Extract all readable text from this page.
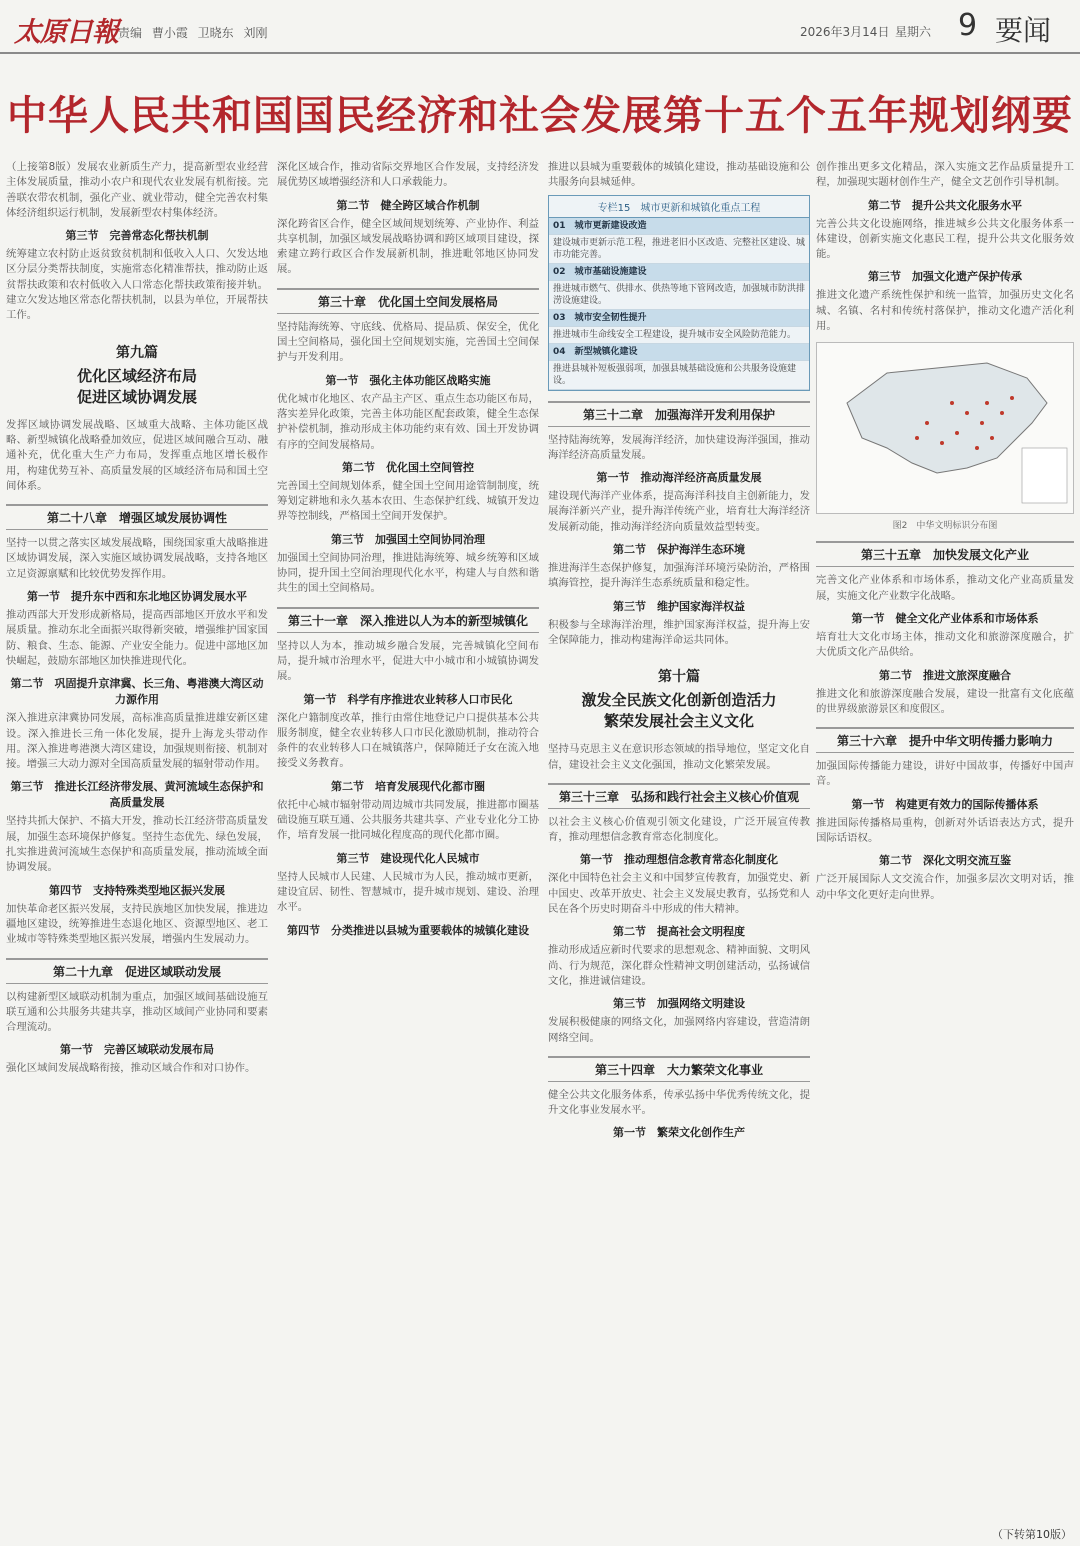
太原日報 责编 曹小霞 卫晓东 刘刚	2026年3月14日 星期六 9 要闻
中华人民共和国国民经济和社会发展第十五个五年规划纲要

（上接第8版）发展农业新质生产力，提高新型农业经营主体发展质量，推动小农户和现代农业发展有机衔接。完善联农带农机制，强化产业、就业带动，健全完善农村集体经济组织运行机制，发展新型农村集体经济。

第三节　完善常态化帮扶机制

统筹建立农村防止返贫致贫机制和低收入人口、欠发达地区分层分类帮扶制度，实施常态化精准帮扶，推动防止返贫帮扶政策和农村低收入人口常态化帮扶政策衔接并轨。建立欠发达地区常态化帮扶机制，以县为单位，开展帮扶工作。

第九篇
优化区域经济布局
促进区域协调发展

发挥区域协调发展战略、区域重大战略、主体功能区战略、新型城镇化战略叠加效应，促进区域间融合互动、融通补充，优化重大生产力布局，发挥重点地区增长极作用，构建优势互补、高质量发展的区域经济布局和国土空间体系。

第二十八章　增强区域发展协调性

坚持一以贯之落实区域发展战略，围绕国家重大战略推进区域协调发展，深入实施区域协调发展战略，支持各地区立足资源禀赋和比较优势发挥作用。

第一节　提升东中西和东北地区协调发展水平

推动西部大开发形成新格局，提高西部地区开放水平和发展质量。推动东北全面振兴取得新突破，增强维护国家国防、粮食、生态、能源、产业安全能力。促进中部地区加快崛起，鼓励东部地区加快推进现代化。

第二节　巩固提升京津冀、长三角、粤港澳大湾区动力源作用

深入推进京津冀协同发展，高标准高质量推进雄安新区建设。深入推进长三角一体化发展，提升上海龙头带动作用。深入推进粤港澳大湾区建设，加强规则衔接、机制对接。增强三大动力源对全国高质量发展的辐射带动作用。

第三节　推进长江经济带发展、黄河流域生态保护和高质量发展

坚持共抓大保护、不搞大开发，推动长江经济带高质量发展，加强生态环境保护修复。坚持生态优先、绿色发展，扎实推进黄河流域生态保护和高质量发展，推动流域全面协调发展。

第四节　支持特殊类型地区振兴发展

加快革命老区振兴发展，支持民族地区加快发展，推进边疆地区建设，统筹推进生态退化地区、资源型地区、老工业城市等特殊类型地区振兴发展，增强内生发展动力。

第二十九章　促进区域联动发展

以构建新型区域联动机制为重点，加强区域间基础设施互联互通和公共服务共建共享，推动区域间产业协同和要素合理流动。

第一节　完善区域联动发展布局

强化区域间发展战略衔接，推动区域合作和对口协作。

深化区域合作，推动省际交界地区合作发展，支持经济发展优势区域增强经济和人口承载能力。

第二节　健全跨区域合作机制

深化跨省区合作，健全区域间规划统筹、产业协作、利益共享机制，加强区域发展战略协调和跨区域项目建设，探索建立跨行政区合作发展新机制，推进毗邻地区协同发展。

第三十章　优化国土空间发展格局

坚持陆海统筹、守底线、优格局、提品质、保安全，优化国土空间格局，强化国土空间规划实施，完善国土空间保护与开发利用。

第一节　强化主体功能区战略实施

优化城市化地区、农产品主产区、重点生态功能区布局，落实差异化政策，完善主体功能区配套政策，健全生态保护补偿机制，推动形成主体功能约束有效、国土开发协调有序的空间发展格局。

第二节　优化国土空间管控

完善国土空间规划体系，健全国土空间用途管制制度，统筹划定耕地和永久基本农田、生态保护红线、城镇开发边界等控制线，严格国土空间开发保护。

第三节　加强国土空间协同治理

加强国土空间协同治理，推进陆海统筹、城乡统筹和区域协同，提升国土空间治理现代化水平，构建人与自然和谐共生的国土空间格局。

第三十一章　深入推进以人为本的新型城镇化

坚持以人为本，推动城乡融合发展，完善城镇化空间布局，提升城市治理水平，促进大中小城市和小城镇协调发展。

第一节　科学有序推进农业转移人口市民化

深化户籍制度改革，推行由常住地登记户口提供基本公共服务制度，健全农业转移人口市民化激励机制，推动符合条件的农业转移人口在城镇落户，保障随迁子女在流入地接受义务教育。

第二节　培育发展现代化都市圈

依托中心城市辐射带动周边城市共同发展，推进都市圈基础设施互联互通、公共服务共建共享、产业专业化分工协作，培育发展一批同城化程度高的现代化都市圈。

第三节　建设现代化人民城市

坚持人民城市人民建、人民城市为人民，推动城市更新，建设宜居、韧性、智慧城市，提升城市规划、建设、治理水平。

第四节　分类推进以县城为重要载体的城镇化建设

推进以县城为重要载体的城镇化建设，推动基础设施和公共服务向县城延伸。

专栏15　城市更新和城镇化重点工程
01　城市更新建设改造
建设城市更新示范工程，推进老旧小区改造、完整社区建设、城市功能完善。
02　城市基础设施建设
推进城市燃气、供排水、供热等地下管网改造，加强城市防洪排涝设施建设。
03　城市安全韧性提升
推进城市生命线安全工程建设，提升城市安全风险防范能力。
04　新型城镇化建设
推进县城补短板强弱项，加强县城基础设施和公共服务设施建设。
第三十二章　加强海洋开发利用保护

坚持陆海统筹，发展海洋经济，加快建设海洋强国，推动海洋经济高质量发展。

第一节　推动海洋经济高质量发展

建设现代海洋产业体系，提高海洋科技自主创新能力，发展海洋新兴产业，提升海洋传统产业，培育壮大海洋经济发展新动能，推动海洋经济向质量效益型转变。

第二节　保护海洋生态环境

推进海洋生态保护修复，加强海洋环境污染防治，严格围填海管控，提升海洋生态系统质量和稳定性。

第三节　维护国家海洋权益

积极参与全球海洋治理，维护国家海洋权益，提升海上安全保障能力，推动构建海洋命运共同体。

第十篇
激发全民族文化创新创造活力
繁荣发展社会主义文化

坚持马克思主义在意识形态领域的指导地位，坚定文化自信，建设社会主义文化强国，推动文化繁荣发展。

第三十三章　弘扬和践行社会主义核心价值观

以社会主义核心价值观引领文化建设，广泛开展宣传教育，推动理想信念教育常态化制度化。

第一节　推动理想信念教育常态化制度化

深化中国特色社会主义和中国梦宣传教育，加强党史、新中国史、改革开放史、社会主义发展史教育，弘扬党和人民在各个历史时期奋斗中形成的伟大精神。

第二节　提高社会文明程度

推动形成适应新时代要求的思想观念、精神面貌、文明风尚、行为规范，深化群众性精神文明创建活动，弘扬诚信文化，推进诚信建设。

第三节　加强网络文明建设

发展积极健康的网络文化，加强网络内容建设，营造清朗网络空间。

第三十四章　大力繁荣文化事业

健全公共文化服务体系，传承弘扬中华优秀传统文化，提升文化事业发展水平。

第一节　繁荣文化创作生产

创作推出更多文化精品，深入实施文艺作品质量提升工程，加强现实题材创作生产，健全文艺创作引导机制。

第二节　提升公共文化服务水平

完善公共文化设施网络，推进城乡公共文化服务体系一体建设，创新实施文化惠民工程，提升公共文化服务效能。

第三节　加强文化遗产保护传承

推进文化遗产系统性保护和统一监管，加强历史文化名城、名镇、名村和传统村落保护，推动文化遗产活化利用。

图2　中华文明标识分布图
第三十五章　加快发展文化产业

完善文化产业体系和市场体系，推动文化产业高质量发展，实施文化产业数字化战略。

第一节　健全文化产业体系和市场体系

培育壮大文化市场主体，推动文化和旅游深度融合，扩大优质文化产品供给。

第二节　推进文旅深度融合

推进文化和旅游深度融合发展，建设一批富有文化底蕴的世界级旅游景区和度假区。

第三十六章　提升中华文明传播力影响力

加强国际传播能力建设，讲好中国故事，传播好中国声音。

第一节　构建更有效力的国际传播体系

推进国际传播格局重构，创新对外话语表达方式，提升国际话语权。

第二节　深化文明交流互鉴

广泛开展国际人文交流合作，加强多层次文明对话，推动中华文化更好走向世界。

（下转第10版）
